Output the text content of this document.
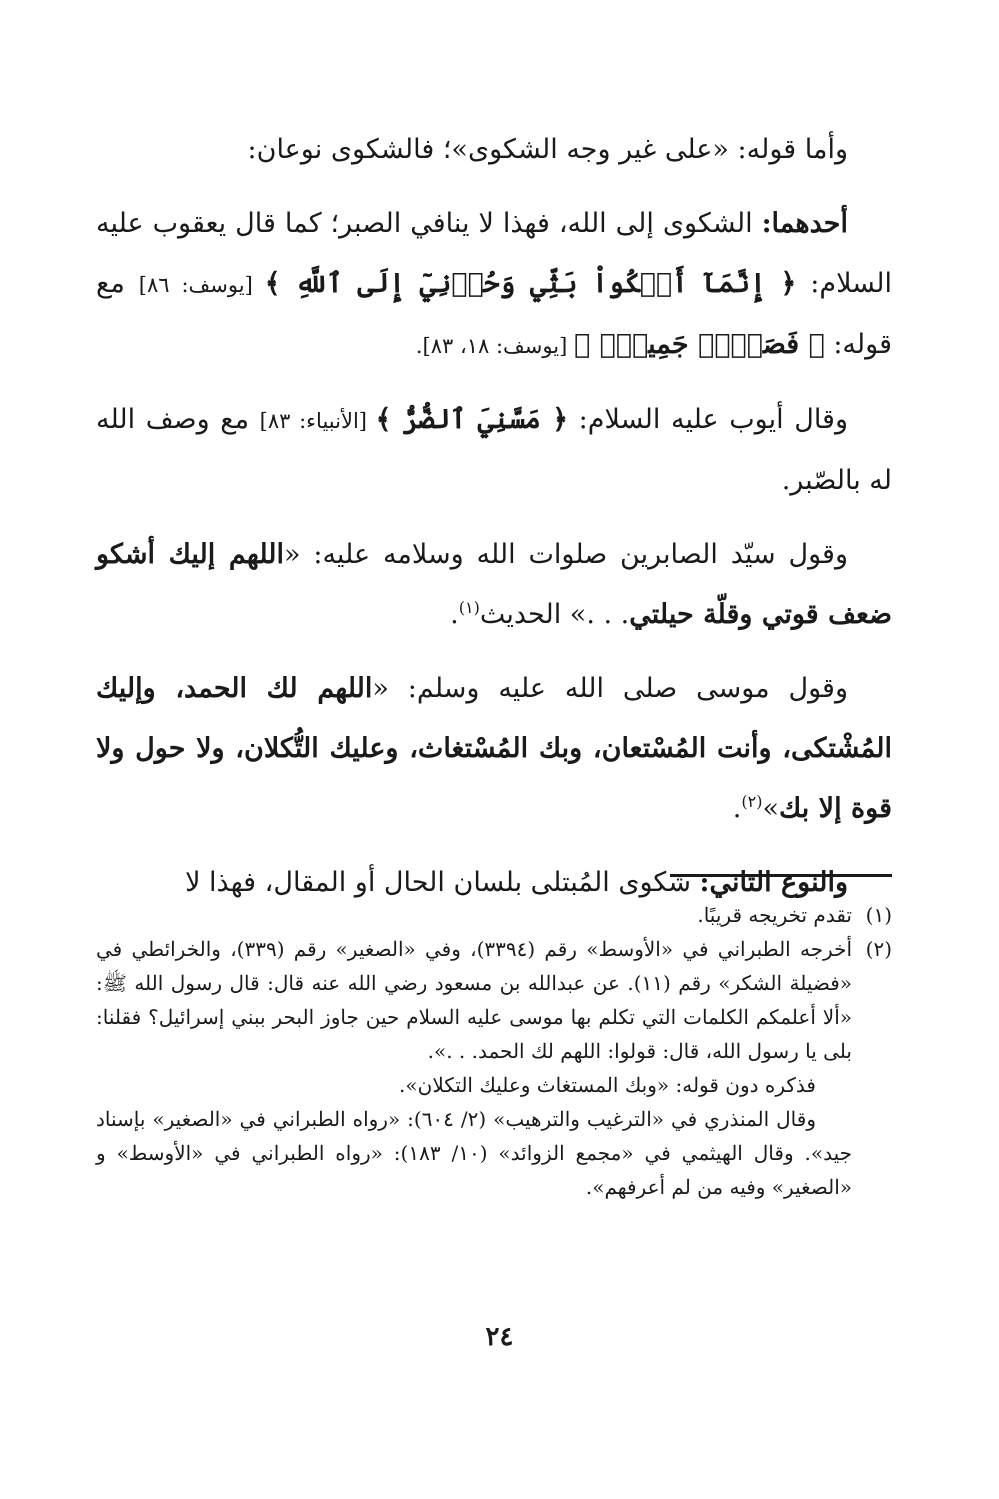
وأما قوله: «على غير وجه الشكوى»؛ فالشكوى نوعان:

أحدهما: الشكوى إلى الله، فهذا لا ينافي الصبر؛ كما قال يعقوب عليه السلام: ﴿ إِنَّمَآ أَشۡكُواْ بَثِّي وَحُزۡنِيٓ إِلَى ٱللَّهِ ﴾ [يوسف: ٨٦] مع قوله: ﴿ فَصَبۡرٞ جَمِيلٞۖ ﴾ [يوسف: ١٨، ٨٣].

وقال أيوب عليه السلام: ﴿ مَسَّنِيَ ٱلضُّرُّ ﴾ [الأنبياء: ٨٣] مع وصف الله له بالصّبر.

وقول سيّد الصابرين صلوات الله وسلامه عليه: «اللهم إليك أشكو ضعف قوتي وقلّة حيلتي. . .» الحديث$^{(١)}$.

وقول موسى صلى الله عليه وسلم: «اللهم لك الحمد، وإليك المُشْتكى، وأنت المُسْتعان، وبك المُسْتغاث، وعليك التُّكلان، ولا حول ولا قوة إلا بك»$^{(٢)}$.

والنوع الثاني: شكوى المُبتلى بلسان الحال أو المقال، فهذا لا

(١)
تقدم تخريجه قريبًا.
(٢)
أخرجه الطبراني في «الأوسط» رقم (٣٣٩٤)، وفي «الصغير» رقم (٣٣٩)، والخرائطي في «فضيلة الشكر» رقم (١١). عن عبدالله بن مسعود رضي الله عنه قال: قال رسول الله ﷺ: «ألا أعلمكم الكلمات التي تكلم بها موسى عليه السلام حين جاوز البحر ببني إسرائيل؟ فقلنا: بلى يا رسول الله، قال: قولوا: اللهم لك الحمد. . .».

فذكره دون قوله: «وبك المستغاث وعليك التكلان».

وقال المنذري في «الترغيب والترهيب» (٢/ ٦٠٤): «رواه الطبراني في «الصغير» بإسناد جيد». وقال الهيثمي في «مجمع الزوائد» (١٠/ ١٨٣): «رواه الطبراني في «الأوسط» و «الصغير» وفيه من لم أعرفهم».

٢٤
